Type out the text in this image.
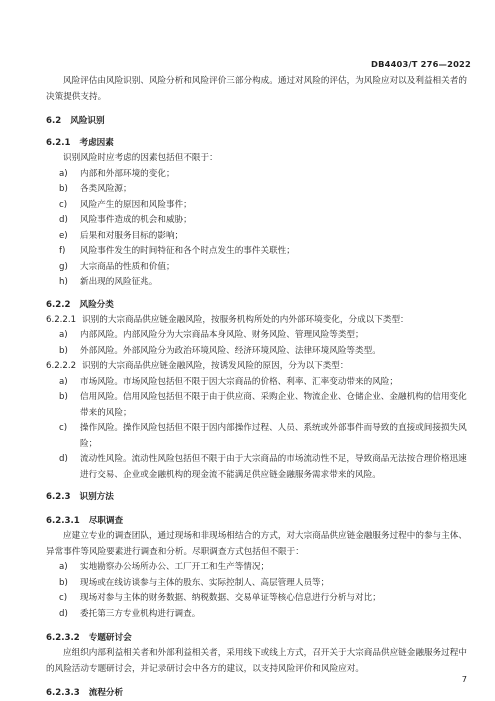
DB4403/T 276—2022
风险评估由风险识别、风险分析和风险评价三部分构成。通过对风险的评估，为风险应对以及利益相关者的决策提供支持。
6.2 风险识别
6.2.1 考虑因素
识别风险时应考虑的因素包括但不限于：
a)	内部和外部环境的变化；
b)	各类风险源；
c)	风险产生的原因和风险事件；
d)	风险事件造成的机会和威胁；
e)	后果和对服务目标的影响；
f)	风险事件发生的时间特征和各个时点发生的事件关联性；
g)	大宗商品的性质和价值；
h)	新出现的风险征兆。
6.2.2 风险分类
6.2.2.1 识别的大宗商品供应链金融风险，按服务机构所处的内外部环境变化，分成以下类型：
a)	内部风险。内部风险分为大宗商品本身风险、财务风险、管理风险等类型；
b)	外部风险。外部风险分为政治环境风险、经济环境风险、法律环境风险等类型。
6.2.2.2 识别的大宗商品供应链金融风险，按诱发风险的原因，分为以下类型：
a)	市场风险。市场风险包括但不限于因大宗商品的价格、利率、汇率变动带来的风险；
b)	信用风险。信用风险包括但不限于由于供应商、采购企业、物流企业、仓储企业、金融机构的信用变化带来的风险；
c)	操作风险。操作风险包括但不限于因内部操作过程、人员、系统或外部事件而导致的直接或间接损失风险；
d)	流动性风险。流动性风险包括但不限于由于大宗商品的市场流动性不足，导致商品无法按合理价格迅速进行交易、企业或金融机构的现金流不能满足供应链金融服务需求带来的风险。
6.2.3 识别方法
6.2.3.1 尽职调查
应建立专业的调查团队，通过现场和非现场相结合的方式，对大宗商品供应链金融服务过程中的参与主体、异常事件等风险要素进行调查和分析。尽职调查方式包括但不限于：
a)	实地勘察办公场所办公、工厂开工和生产等情况；
b)	现场或在线访谈参与主体的股东、实际控制人、高层管理人员等；
c)	现场对参与主体的财务数据、纳税数据、交易单证等核心信息进行分析与对比；
d)	委托第三方专业机构进行调查。
6.2.3.2 专题研讨会
应组织内部利益相关者和外部利益相关者，采用线下或线上方式，召开关于大宗商品供应链金融服务过程中的风险活动专题研讨会，并记录研讨会中各方的建议，以支持风险评价和风险应对。
6.2.3.3 流程分析
7
